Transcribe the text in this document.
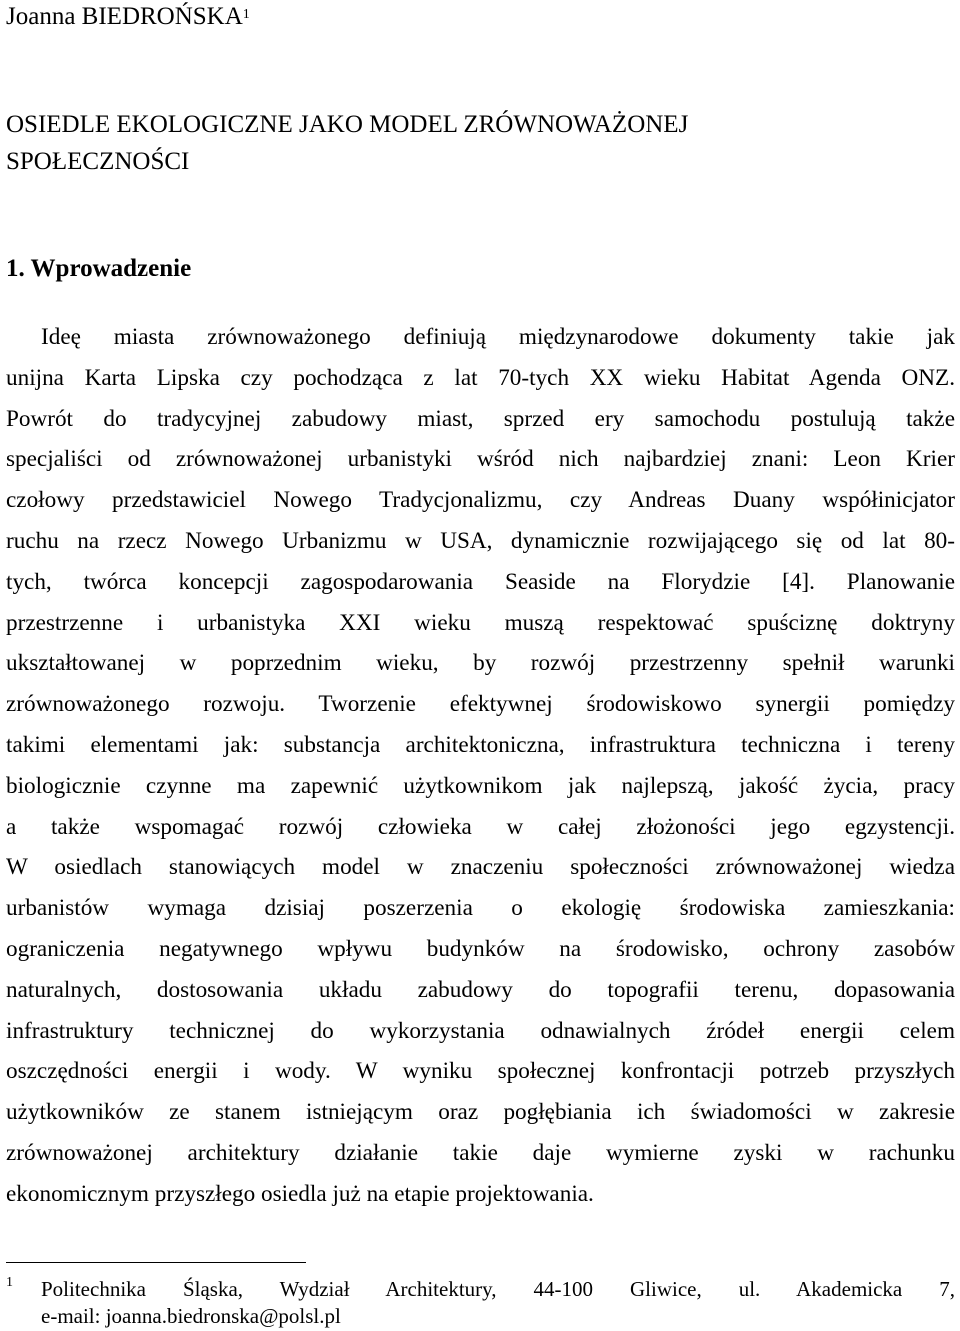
Joanna BIEDROŃSKA$^1$
OSIEDLE EKOLOGICZNE JAKO MODEL ZRÓWNOWAŻONEJ
SPOŁECZNOŚCI
1. Wprowadzenie
Ideę miasta zrównoważonego definiują międzynarodowe dokumenty takie jak
unijna Karta Lipska czy pochodząca z lat 70-tych XX wieku Habitat Agenda ONZ.
Powrót do tradycyjnej zabudowy miast, sprzed ery samochodu postulują także
specjaliści od zrównoważonej urbanistyki wśród nich najbardziej znani: Leon Krier
czołowy przedstawiciel Nowego Tradycjonalizmu, czy Andreas Duany współinicjator
ruchu na rzecz Nowego Urbanizmu w USA, dynamicznie rozwijającego się od lat 80-
tych, twórca koncepcji zagospodarowania Seaside na Florydzie [4]. Planowanie
przestrzenne i urbanistyka XXI wieku muszą respektować spuściznę doktryny
ukształtowanej w poprzednim wieku, by rozwój przestrzenny spełnił warunki
zrównoważonego rozwoju. Tworzenie efektywnej środowiskowo synergii pomiędzy
takimi elementami jak: substancja architektoniczna, infrastruktura techniczna i tereny
biologicznie czynne ma zapewnić użytkownikom jak najlepszą, jakość życia, pracy
a także wspomagać rozwój człowieka w całej złożoności jego egzystencji.
W osiedlach stanowiących model w znaczeniu społeczności zrównoważonej wiedza
urbanistów wymaga dzisiaj poszerzenia o ekologię środowiska zamieszkania:
ograniczenia negatywnego wpływu budynków na środowisko, ochrony zasobów
naturalnych, dostosowania układu zabudowy do topografii terenu, dopasowania
infrastruktury technicznej do wykorzystania odnawialnych źródeł energii celem
oszczędności energii i wody. W wyniku społecznej konfrontacji potrzeb przyszłych
użytkowników ze stanem istniejącym oraz pogłębiania ich świadomości w zakresie
zrównoważonej architektury działanie takie daje wymierne zyski w rachunku
ekonomicznym przyszłego osiedla już na etapie projektowania.
1	Politechnika Śląska, Wydział Architektury, 44-100 Gliwice, ul. Akademicka 7,
e-mail: joanna.biedronska@polsl.pl
